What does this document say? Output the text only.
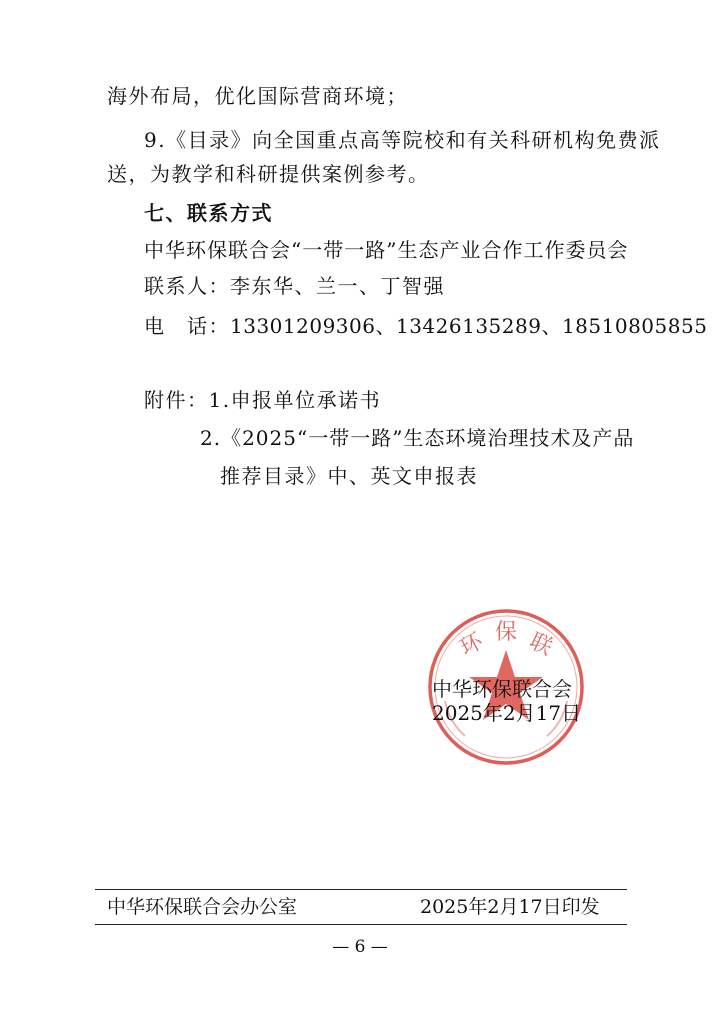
海外布局，优化国际营商环境；
9.《目录》向全国重点高等院校和有关科研机构免费派
送，为教学和科研提供案例参考。
七、联系方式
中华环保联合会“一带一路”生态产业合作工作委员会
联系人：李东华、兰一、丁智强
电　话：13301209306、13426135289、18510805855
附件：1.申报单位承诺书
2.《2025“一带一路”生态环境治理技术及产品
推荐目录》中、英文申报表
环 保 联
中华环保联合会
2025年2月17日
中华环保联合会办公室	2025年2月17日印发
— 6 —
